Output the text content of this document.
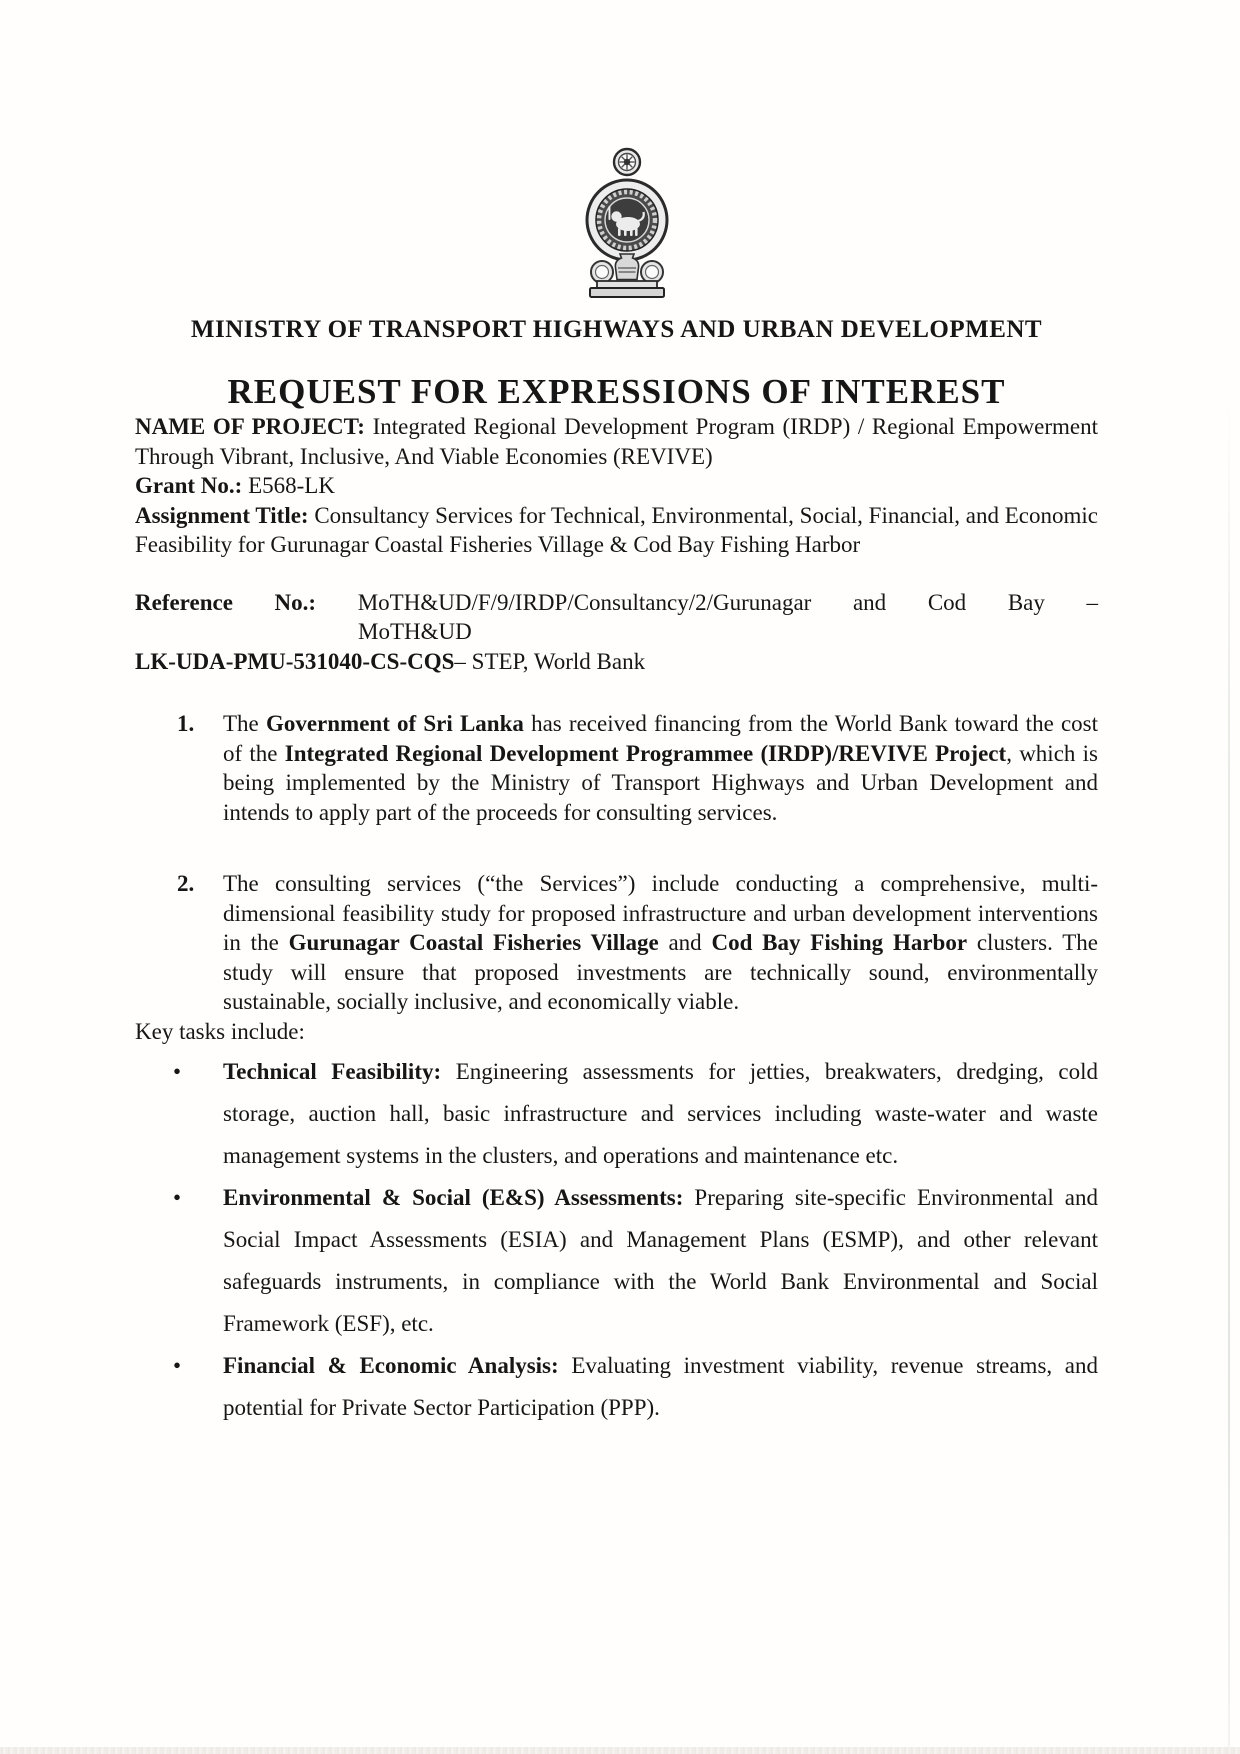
MINISTRY OF TRANSPORT HIGHWAYS AND URBAN DEVELOPMENT
REQUEST FOR EXPRESSIONS OF INTEREST

NAME OF PROJECT: Integrated Regional Development Program (IRDP) / Regional Empowerment Through Vibrant, Inclusive, And Viable Economies (REVIVE)

Grant No.: E568-LK

Assignment Title: Consultancy Services for Technical, Environmental, Social, Financial, and Economic Feasibility for Gurunagar Coastal Fisheries Village & Cod Bay Fishing Harbor

Reference No.: MoTH&UD/F/9/IRDP/Consultancy/2/Gurunagar and Cod Bay –

MoTH&UD

LK-UDA-PMU-531040-CS-CQS– STEP, World Bank

1. The Government of Sri Lanka has received financing from the World Bank toward the cost of the Integrated Regional Development Programmee (IRDP)/REVIVE Project, which is being implemented by the Ministry of Transport Highways and Urban Development and intends to apply part of the proceeds for consulting services.

2. The consulting services (“the Services”) include conducting a comprehensive, multi-dimensional feasibility study for proposed infrastructure and urban development interventions in the Gurunagar Coastal Fisheries Village and Cod Bay Fishing Harbor clusters. The study will ensure that proposed investments are technically sound, environmentally sustainable, socially inclusive, and economically viable.

Key tasks include:

• Technical Feasibility: Engineering assessments for jetties, breakwaters, dredging, cold storage, auction hall, basic infrastructure and services including waste-water and waste management systems in the clusters, and operations and maintenance etc.

• Environmental & Social (E&S) Assessments: Preparing site-specific Environmental and Social Impact Assessments (ESIA) and Management Plans (ESMP), and other relevant safeguards instruments, in compliance with the World Bank Environmental and Social Framework (ESF), etc.

• Financial & Economic Analysis: Evaluating investment viability, revenue streams, and potential for Private Sector Participation (PPP).
